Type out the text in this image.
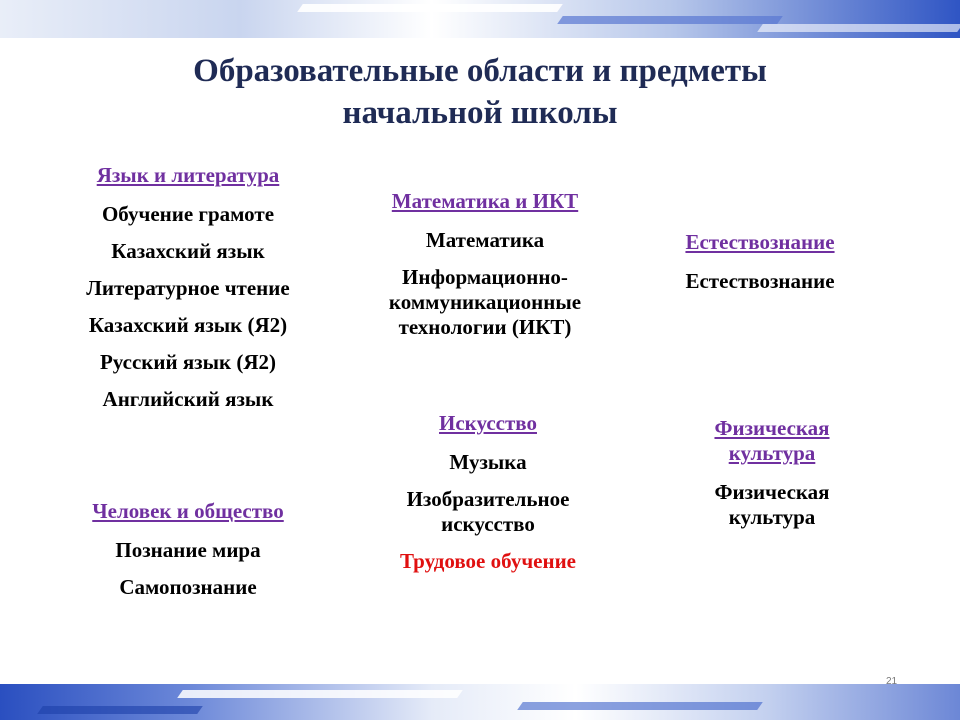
Образовательные области и предметы
начальной школы
Язык и литература
Обучение грамоте
Казахский язык
Литературное чтение
Казахский язык (Я2)
Русский язык (Я2)
Английский язык
Человек и общество
Познание мира
Самопознание
Математика и ИКТ
Математика
Информационно-коммуникационные технологии (ИКТ)
Искусство
Музыка
Изобразительное искусство
Трудовое обучение
Естествознание
Естествознание
Физическая культура
Физическая культура
21
